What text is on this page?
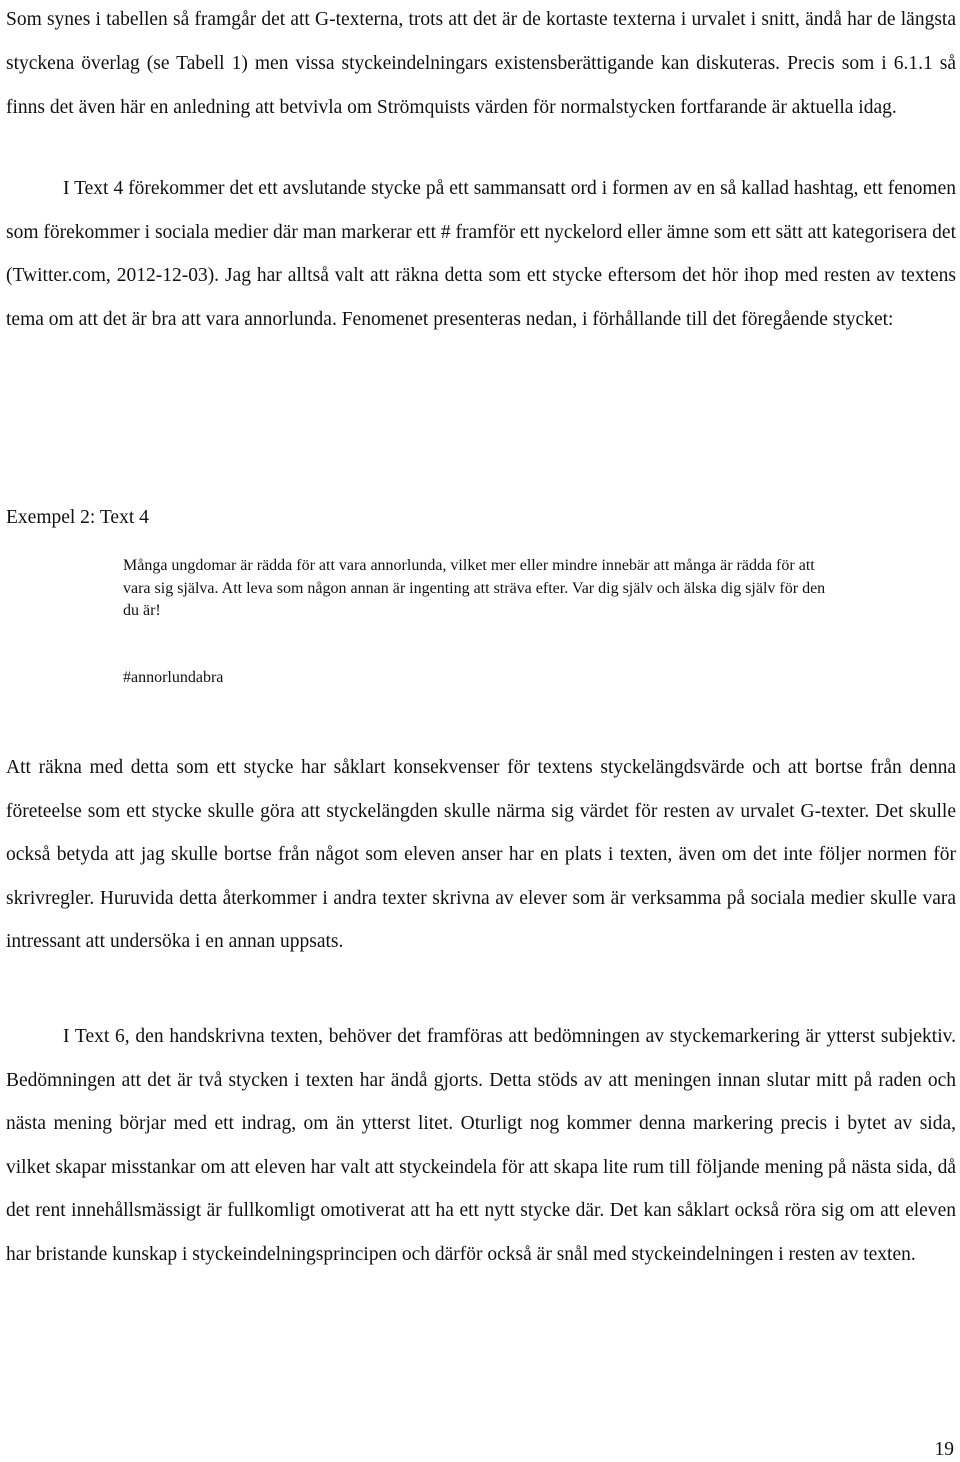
Som synes i tabellen så framgår det att G-texterna, trots att det är de kortaste texterna i urvalet i snitt, ändå har de längsta styckena överlag (se Tabell 1) men vissa styckeindelningars existensberättigande kan diskuteras. Precis som i 6.1.1 så finns det även här en anledning att betvivla om Strömquists värden för normalstycken fortfarande är aktuella idag.

I Text 4 förekommer det ett avslutande stycke på ett sammansatt ord i formen av en så kallad hashtag, ett fenomen som förekommer i sociala medier där man markerar ett # framför ett nyckelord eller ämne som ett sätt att kategorisera det (Twitter.com, 2012-12-03). Jag har alltså valt att räkna detta som ett stycke eftersom det hör ihop med resten av textens tema om att det är bra att vara annorlunda. Fenomenet presenteras nedan, i förhållande till det föregående stycket:

Exempel 2: Text 4

Många ungdomar är rädda för att vara annorlunda, vilket mer eller mindre innebär att många är rädda för att vara sig själva. Att leva som någon annan är ingenting att sträva efter. Var dig själv och älska dig själv för den du är!

#annorlundabra

Att räkna med detta som ett stycke har såklart konsekvenser för textens styckelängdsvärde och att bortse från denna företeelse som ett stycke skulle göra att styckelängden skulle närma sig värdet för resten av urvalet G-texter. Det skulle också betyda att jag skulle bortse från något som eleven anser har en plats i texten, även om det inte följer normen för skrivregler. Huruvida detta återkommer i andra texter skrivna av elever som är verksamma på sociala medier skulle vara intressant att undersöka i en annan uppsats.

I Text 6, den handskrivna texten, behöver det framföras att bedömningen av styckemarkering är ytterst subjektiv. Bedömningen att det är två stycken i texten har ändå gjorts. Detta stöds av att meningen innan slutar mitt på raden och nästa mening börjar med ett indrag, om än ytterst litet. Oturligt nog kommer denna markering precis i bytet av sida, vilket skapar misstankar om att eleven har valt att styckeindela för att skapa lite rum till följande mening på nästa sida, då det rent innehållsmässigt är fullkomligt omotiverat att ha ett nytt stycke där. Det kan såklart också röra sig om att eleven har bristande kunskap i styckeindelningsprincipen och därför också är snål med styckeindelningen i resten av texten.

19
